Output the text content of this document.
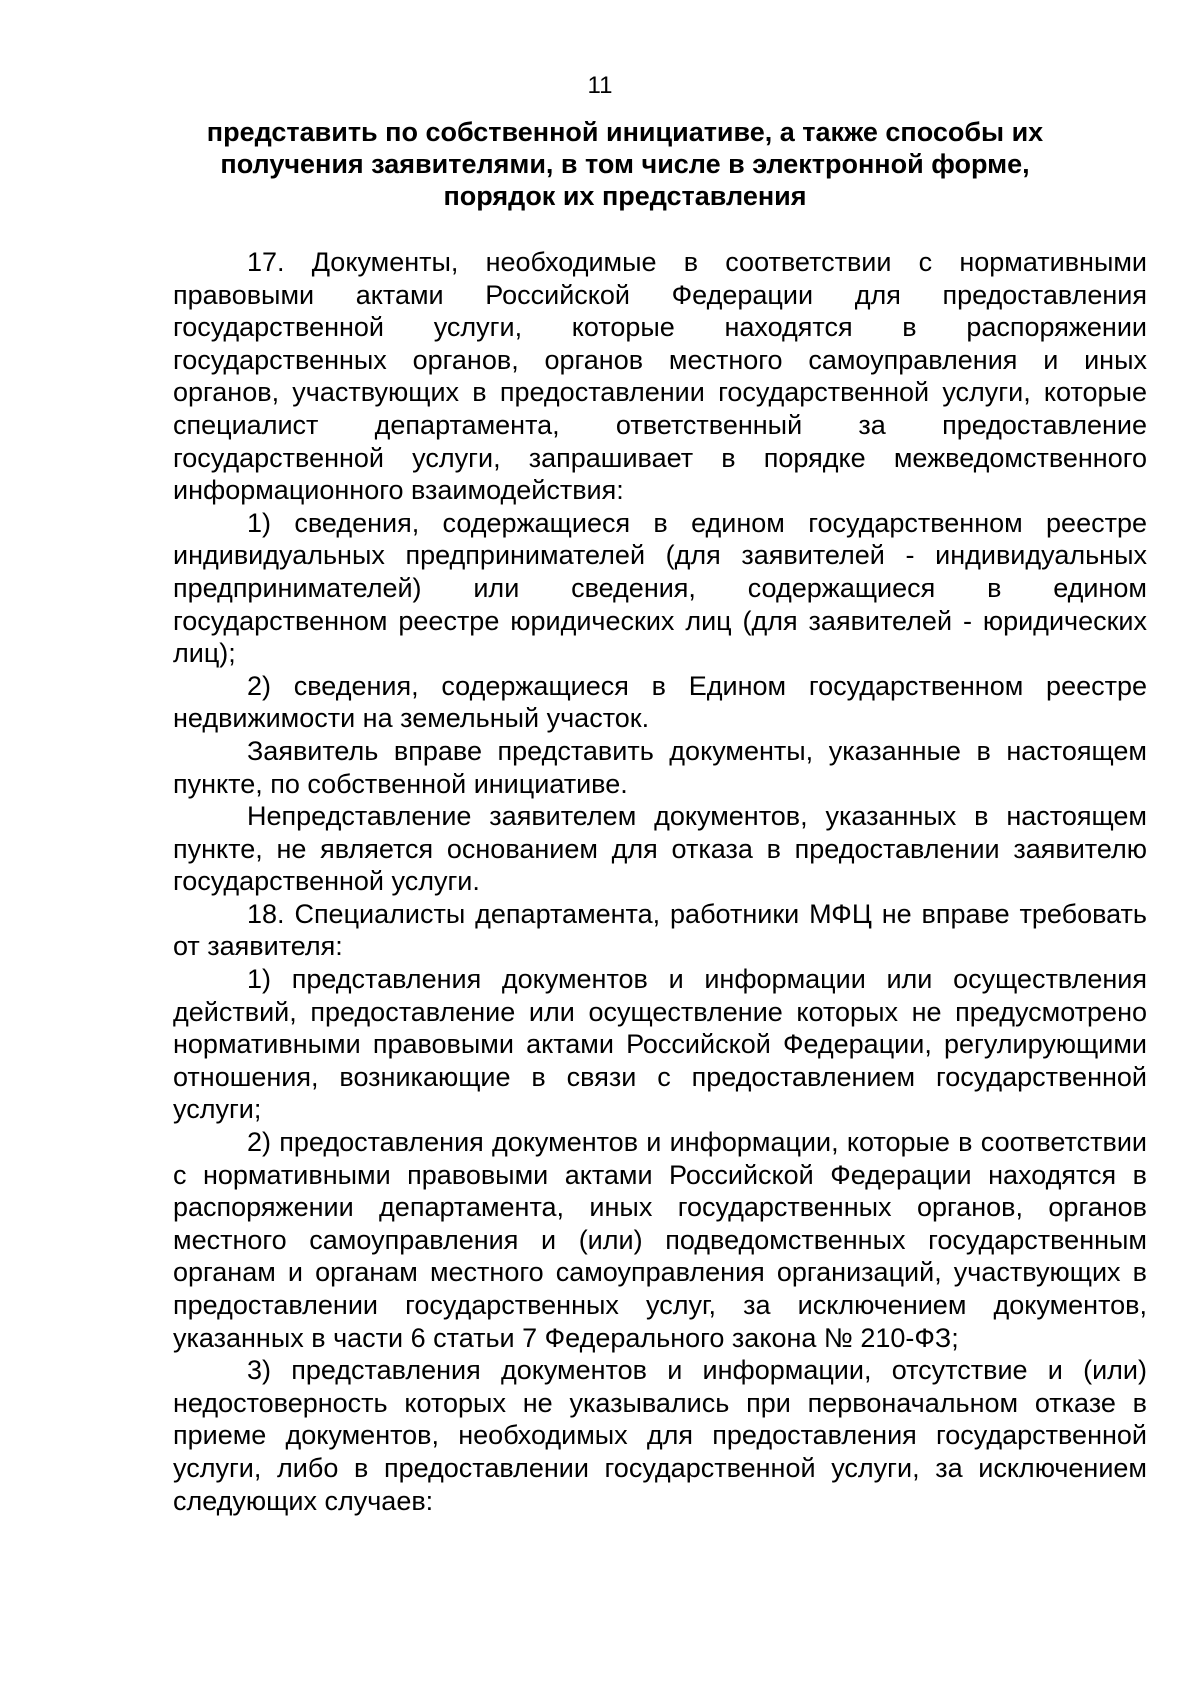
11
представить по собственной инициативе, а также способы их получения заявителями, в том числе в электронной форме, порядок их представления

17. Документы, необходимые в соответствии с нормативными правовыми актами Российской Федерации для предоставления государственной услуги, которые находятся в распоряжении государственных органов, органов местного самоуправления и иных органов, участвующих в предоставлении государственной услуги, которые специалист департамента, ответственный за предоставление государственной услуги, запрашивает в порядке межведомственного информационного взаимодействия:

1) сведения, содержащиеся в едином государственном реестре индивидуальных предпринимателей (для заявителей - индивидуальных предпринимателей) или сведения, содержащиеся в едином государственном реестре юридических лиц (для заявителей - юридических лиц);

2) сведения, содержащиеся в Едином государственном реестре недвижимости на земельный участок.

Заявитель вправе представить документы, указанные в настоящем пункте, по собственной инициативе.

Непредставление заявителем документов, указанных в настоящем пункте, не является основанием для отказа в предоставлении заявителю государственной услуги.

18. Специалисты департамента, работники МФЦ не вправе требовать от заявителя:

1) представления документов и информации или осуществления действий, предоставление или осуществление которых не предусмотрено нормативными правовыми актами Российской Федерации, регулирующими отношения, возникающие в связи с предоставлением государственной услуги;

2) предоставления документов и информации, которые в соответствии с нормативными правовыми актами Российской Федерации находятся в распоряжении департамента, иных государственных органов, органов местного самоуправления и (или) подведомственных государственным органам и органам местного самоуправления организаций, участвующих в предоставлении государственных услуг, за исключением документов, указанных в части 6 статьи 7 Федерального закона № 210-ФЗ;

3) представления документов и информации, отсутствие и (или) недостоверность которых не указывались при первоначальном отказе в приеме документов, необходимых для предоставления государственной услуги, либо в предоставлении государственной услуги, за исключением следующих случаев:
